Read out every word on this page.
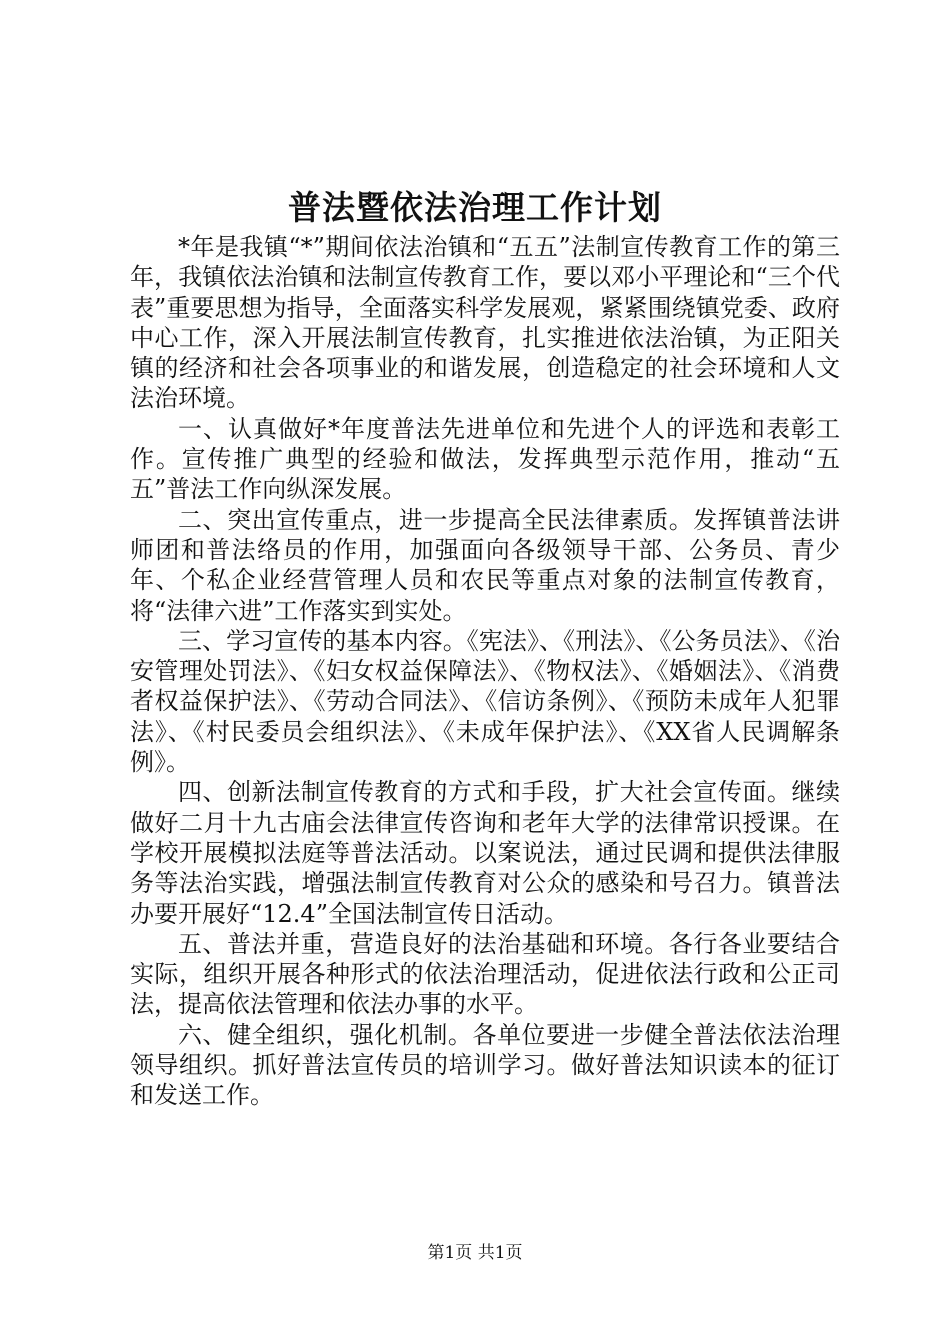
普法暨依法治理工作计划

*年是我镇“*”期间依法治镇和“五五”法制宣传教育工作的第三年，我镇依法治镇和法制宣传教育工作，要以邓小平理论和“三个代表”重要思想为指导，全面落实科学发展观，紧紧围绕镇党委、政府中心工作，深入开展法制宣传教育，扎实推进依法治镇，为正阳关镇的经济和社会各项事业的和谐发展，创造稳定的社会环境和人文法治环境。

一、认真做好*年度普法先进单位和先进个人的评选和表彰工作。宣传推广典型的经验和做法，发挥典型示范作用，推动“五五”普法工作向纵深发展。

二、突出宣传重点，进一步提高全民法律素质。发挥镇普法讲师团和普法络员的作用，加强面向各级领导干部、公务员、青少年、个私企业经营管理人员和农民等重点对象的法制宣传教育，将“法律六进”工作落实到实处。

三、学习宣传的基本内容。《宪法》、《刑法》、《公务员法》、《治安管理处罚法》、《妇女权益保障法》、《物权法》、《婚姻法》、《消费者权益保护法》、《劳动合同法》、《信访条例》、《预防未成年人犯罪法》、《村民委员会组织法》、《未成年保护法》、《XX省人民调解条例》。

四、创新法制宣传教育的方式和手段，扩大社会宣传面。继续做好二月十九古庙会法律宣传咨询和老年大学的法律常识授课。在学校开展模拟法庭等普法活动。以案说法，通过民调和提供法律服务等法治实践，增强法制宣传教育对公众的感染和号召力。镇普法办要开展好“12.4”全国法制宣传日活动。

五、普法并重，营造良好的法治基础和环境。各行各业要结合实际，组织开展各种形式的依法治理活动，促进依法行政和公正司法，提高依法管理和依法办事的水平。

六、健全组织，强化机制。各单位要进一步健全普法依法治理领导组织。抓好普法宣传员的培训学习。做好普法知识读本的征订和发送工作。

第1页 共1页
